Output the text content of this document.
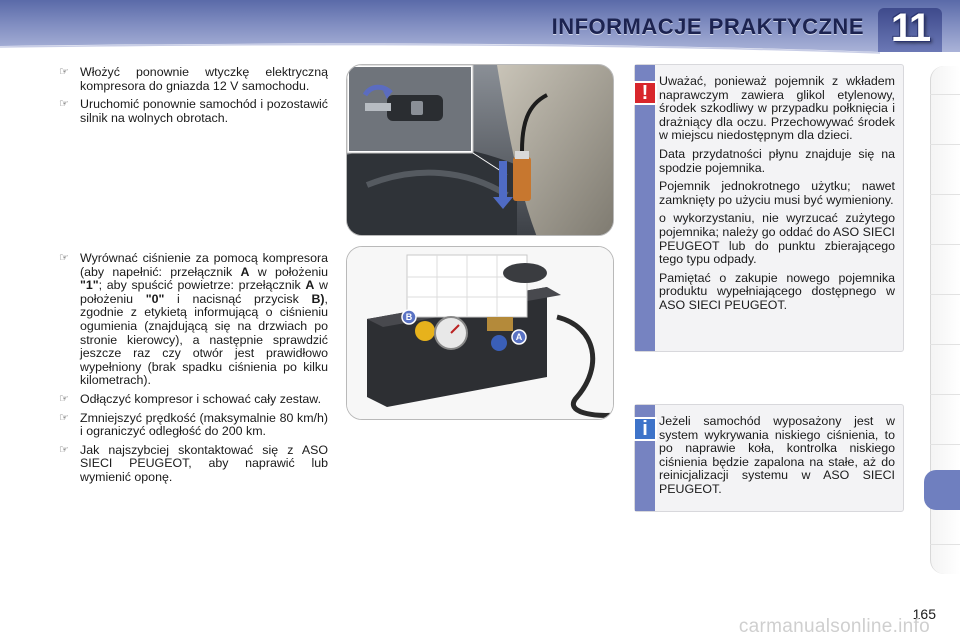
INFORMACJE PRAKTYCZNE 11
☞ Włożyć ponownie wtyczkę elektryczną kompresora do gniazda 12 V samochodu.
☞ Uruchomić ponownie samochód i pozostawić silnik na wolnych obrotach.
☞ Wyrównać ciśnienie za pomocą kompresora (aby napełnić: przełącznik A w położeniu "1"; aby spuścić powietrze: przełącznik A w położeniu "0" i nacisnąć przycisk B), zgodnie z etykietą informującą o ciśnieniu ogumienia (znajdującą się na drzwiach po stronie kierowcy), a następnie sprawdzić jeszcze raz czy otwór jest prawidłowo wypełniony (brak spadku ciśnienia po kilku kilometrach).
☞ Odłączyć kompresor i schować cały zestaw.
☞ Zmniejszyć prędkość (maksymalnie 80 km/h) i ograniczyć odległość do 200 km.
☞ Jak najszybciej skontaktować się z ASO SIECI PEUGEOT, aby naprawić lub wymienić oponę.
B
A
!

Uważać, ponieważ pojemnik z wkładem naprawczym zawiera glikol etylenowy, środek szkodliwy w przypadku połknięcia i drażniący dla oczu. Przechowywać środek w miejscu niedostępnym dla dzieci.

Data przydatności płynu znajduje się na spodzie pojemnika.

Pojemnik jednokrotnego użytku; nawet zamknięty po użyciu musi być wymieniony.

o wykorzystaniu, nie wyrzucać zużytego pojemnika; należy go oddać do ASO SIECI PEUGEOT lub do punktu zbierającego tego typu odpady.

Pamiętać o zakupie nowego pojemnika produktu wypełniającego dostępnego w ASO SIECI PEUGEOT.

i Jeżeli samochód wyposażony jest w system wykrywania niskiego ciśnienia, to po naprawie koła, kontrolka niskiego ciśnienia będzie zapalona na stałe, aż do reinicjalizacji systemu w ASO SIECI PEUGEOT.

165
carmanualsonline.info
